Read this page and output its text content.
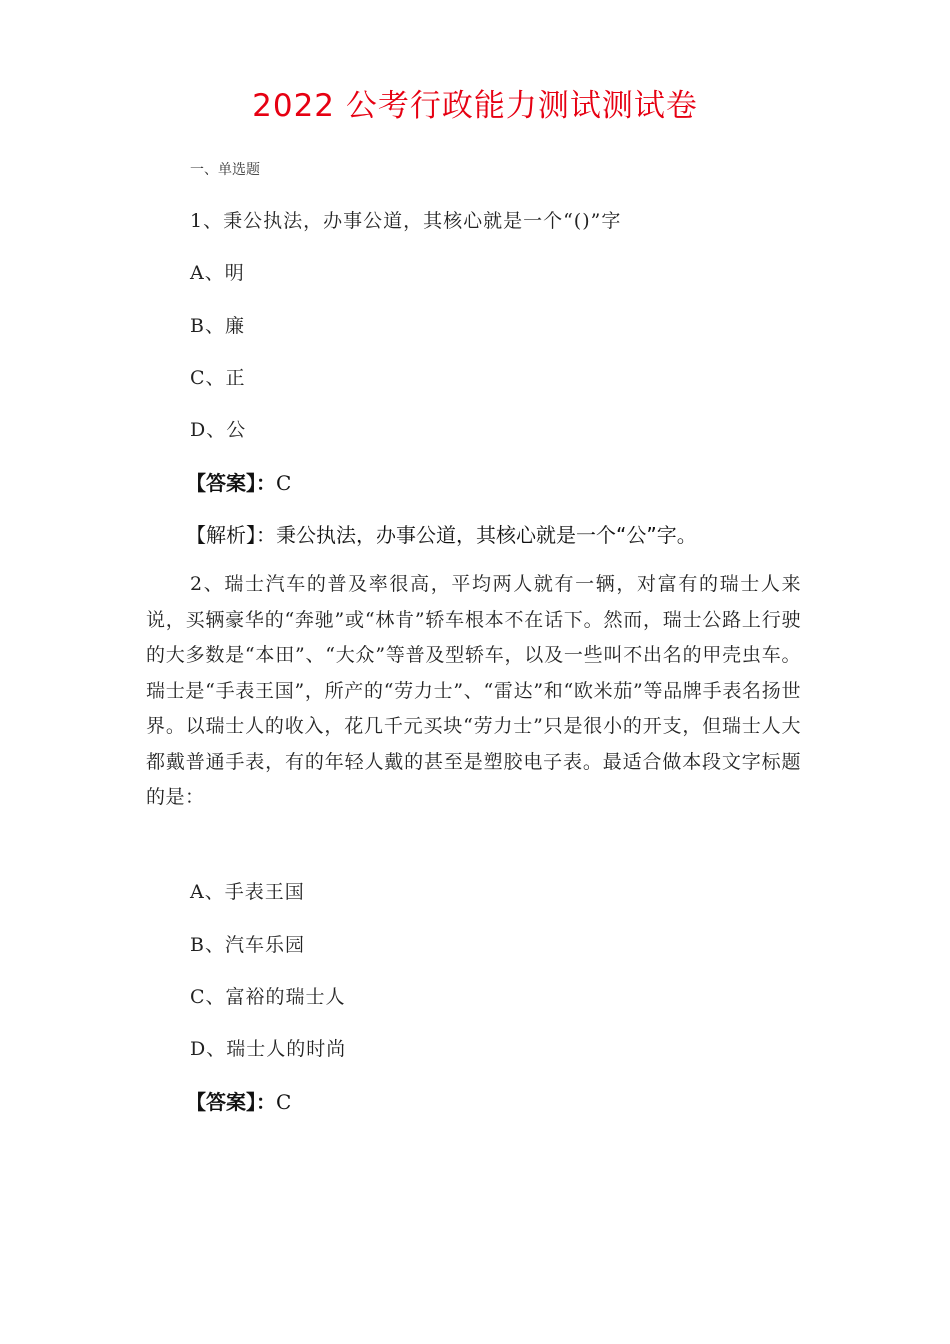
2022 公考行政能力测试测试卷
一、单选题
1、秉公执法，办事公道，其核心就是一个“()”字
A、明
B、廉
C、正
D、公
【答案】：C
【解析】：秉公执法，办事公道，其核心就是一个“公”字。
2、瑞士汽车的普及率很高，平均两人就有一辆，对富有的瑞士人来说，买辆豪华的“奔驰”或“林肯”轿车根本不在话下。然而，瑞士公路上行驶的大多数是“本田”、“大众”等普及型轿车，以及一些叫不出名的甲壳虫车。瑞士是“手表王国”，所产的“劳力士”、“雷达”和“欧米茄”等品牌手表名扬世界。以瑞士人的收入，花几千元买块“劳力士”只是很小的开支，但瑞士人大都戴普通手表，有的年轻人戴的甚至是塑胶电子表。最适合做本段文字标题的是：
A、手表王国
B、汽车乐园
C、富裕的瑞士人
D、瑞士人的时尚
【答案】：C
